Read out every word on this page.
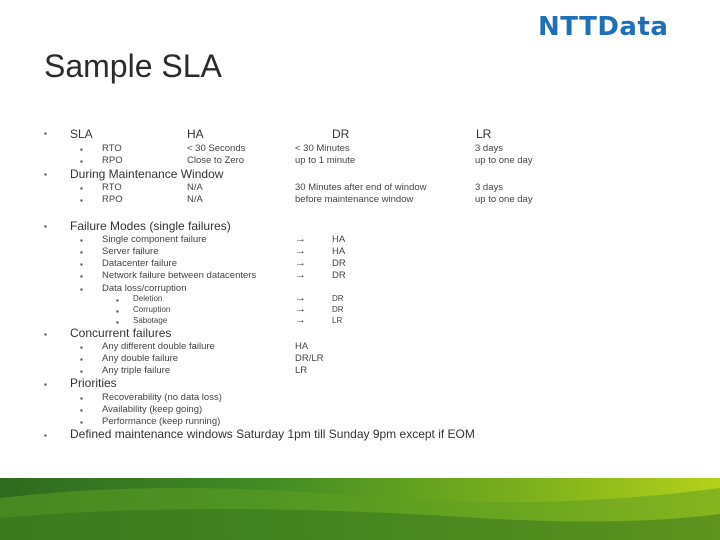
NTTData
Sample SLA
▪ SLA	HA	DR	LR
▪ RTO	< 30 Seconds	< 30 Minutes	3 days
▪ RPO	Close to Zero	up to 1 minute	up to one day
▪ During Maintenance Window
▪ RTO	N/A	30 Minutes after end of window	3 days
▪ RPO	N/A	before maintenance window	up to one day
▪ Failure Modes (single failures)
▪ Single component failure	→	HA
▪ Server failure	→	HA
▪ Datacenter failure	→	DR
▪ Network failure between datacenters	→	DR
▪ Data loss/corruption
▪ Deletion	→	DR
▪ Corruption	→	DR
▪ Sabotage	→	LR
▪ Concurrent failures
▪ Any different double failure	HA
▪ Any double failure	DR/LR
▪ Any triple failure	LR
▪ Priorities
▪ Recoverability (no data loss)
▪ Availability (keep going)
▪ Performance (keep running)
▪ Defined maintenance windows Saturday 1pm till Sunday 9pm except if EOM
